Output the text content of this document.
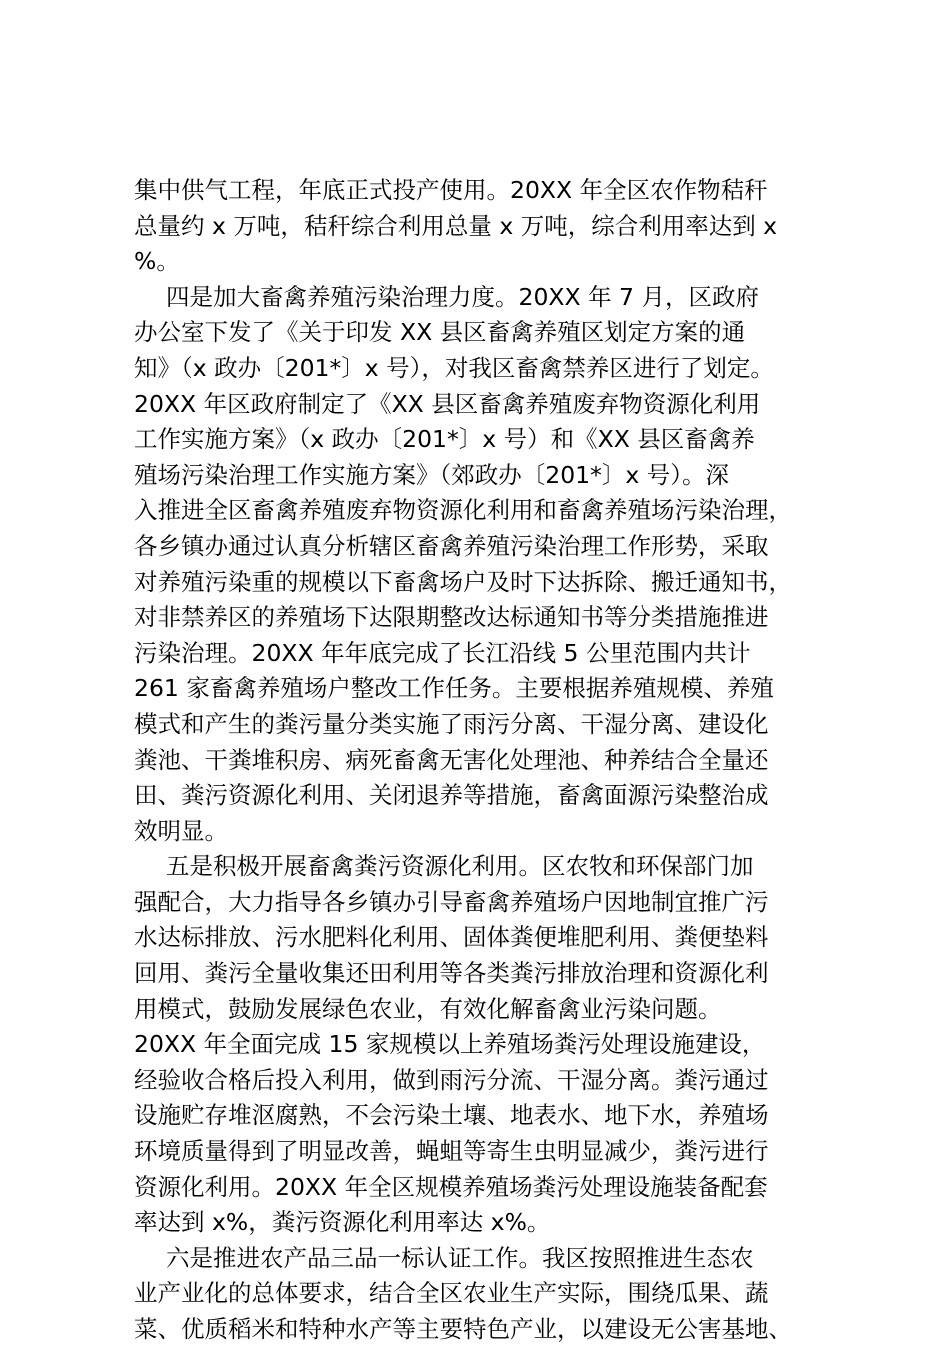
集中供气工程，年底正式投产使用。20XX 年全区农作物秸秆
总量约 x 万吨，秸秆综合利用总量 x 万吨，综合利用率达到 x
%。
四是加大畜禽养殖污染治理力度。20XX 年 7 月，区政府
办公室下发了《关于印发 XX 县区畜禽养殖区划定方案的通
知》（x 政办〔201*〕x 号），对我区畜禽禁养区进行了划定。
20XX 年区政府制定了《XX 县区畜禽养殖废弃物资源化利用
工作实施方案》（x 政办〔201*〕x 号）和《XX 县区畜禽养
殖场污染治理工作实施方案》（郊政办〔201*〕x 号）。深
入推进全区畜禽养殖废弃物资源化利用和畜禽养殖场污染治理，
各乡镇办通过认真分析辖区畜禽养殖污染治理工作形势，采取
对养殖污染重的规模以下畜禽场户及时下达拆除、搬迁通知书，
对非禁养区的养殖场下达限期整改达标通知书等分类措施推进
污染治理。20XX 年年底完成了长江沿线 5 公里范围内共计
261 家畜禽养殖场户整改工作任务。主要根据养殖规模、养殖
模式和产生的粪污量分类实施了雨污分离、干湿分离、建设化
粪池、干粪堆积房、病死畜禽无害化处理池、种养结合全量还
田、粪污资源化利用、关闭退养等措施，畜禽面源污染整治成
效明显。
五是积极开展畜禽粪污资源化利用。区农牧和环保部门加
强配合，大力指导各乡镇办引导畜禽养殖场户因地制宜推广污
水达标排放、污水肥料化利用、固体粪便堆肥利用、粪便垫料
回用、粪污全量收集还田利用等各类粪污排放治理和资源化利
用模式，鼓励发展绿色农业，有效化解畜禽业污染问题。
20XX 年全面完成 15 家规模以上养殖场粪污处理设施建设，
经验收合格后投入利用，做到雨污分流、干湿分离。粪污通过
设施贮存堆沤腐熟，不会污染土壤、地表水、地下水，养殖场
环境质量得到了明显改善，蝇蛆等寄生虫明显减少，粪污进行
资源化利用。20XX 年全区规模养殖场粪污处理设施装备配套
率达到 x%，粪污资源化利用率达 x%。
六是推进农产品三品一标认证工作。我区按照推进生态农
业产业化的总体要求，结合全区农业生产实际，围绕瓜果、蔬
菜、优质稻米和特种水产等主要特色产业，以建设无公害基地、
